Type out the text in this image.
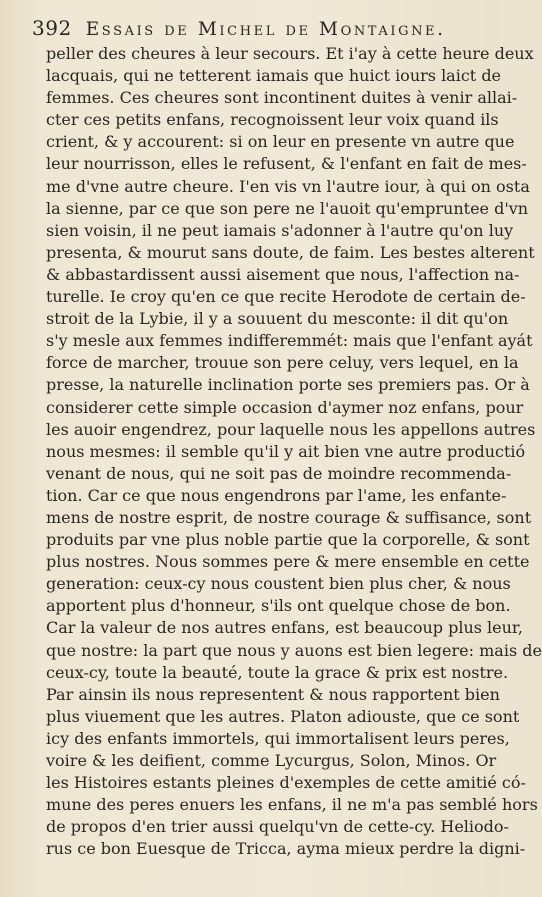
392 Essais de Michel de Montaigne.
peller des cheures à leur secours. Et i'ay à cette heure deux
lacquais, qui ne tetterent iamais que huict iours laict de
femmes. Ces cheures sont incontinent duites à venir allai-
cter ces petits enfans, recognoissent leur voix quand ils
crient, & y accourent: si on leur en presente vn autre que
leur nourrisson, elles le refusent, & l'enfant en fait de mes-
me d'vne autre cheure. I'en vis vn l'autre iour, à qui on osta
la sienne, par ce que son pere ne l'auoit qu'empruntee d'vn
sien voisin, il ne peut iamais s'adonner à l'autre qu'on luy
presenta, & mourut sans doute, de faim. Les bestes alterent
& abbastardissent aussi aisement que nous, l'affection na-
turelle. Ie croy qu'en ce que recite Herodote de certain de-
stroit de la Lybie, il y a souuent du mesconte: il dit qu'on
s'y mesle aux femmes indifferemmét: mais que l'enfant ayát
force de marcher, trouue son pere celuy, vers lequel, en la
presse, la naturelle inclination porte ses premiers pas. Or à
considerer cette simple occasion d'aymer noz enfans, pour
les auoir engendrez, pour laquelle nous les appellons autres
nous mesmes: il semble qu'il y ait bien vne autre productió
venant de nous, qui ne soit pas de moindre recommenda-
tion. Car ce que nous engendrons par l'ame, les enfante-
mens de nostre esprit, de nostre courage & suffisance, sont
produits par vne plus noble partie que la corporelle, & sont
plus nostres. Nous sommes pere & mere ensemble en cette
generation: ceux-cy nous coustent bien plus cher, & nous
apportent plus d'honneur, s'ils ont quelque chose de bon.
Car la valeur de nos autres enfans, est beaucoup plus leur,
que nostre: la part que nous y auons est bien legere: mais de
ceux-cy, toute la beauté, toute la grace & prix est nostre.
Par ainsin ils nous representent & nous rapportent bien
plus viuement que les autres. Platon adiouste, que ce sont
icy des enfants immortels, qui immortalisent leurs peres,
voire & les deifient, comme Lycurgus, Solon, Minos. Or
les Histoires estants pleines d'exemples de cette amitié có-
mune des peres enuers les enfans, il ne m'a pas semblé hors
de propos d'en trier aussi quelqu'vn de cette-cy. Heliodo-
rus ce bon Euesque de Tricca, ayma mieux perdre la digni-
